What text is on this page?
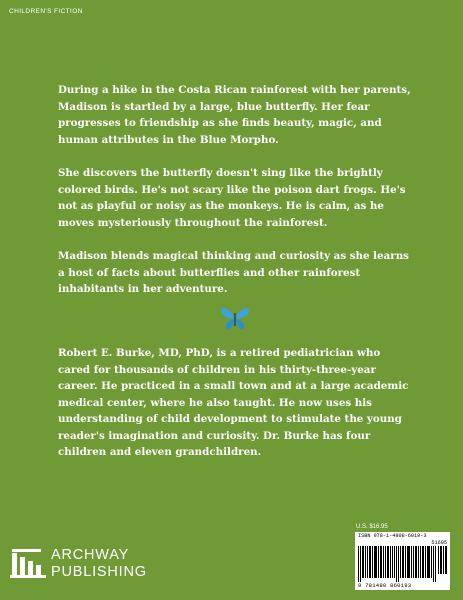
CHILDREN'S FICTION

During a hike in the Costa Rican rainforest with her parents, Madison is startled by a large, blue butterfly. Her fear progresses to friendship as she finds beauty, magic, and human attributes in the Blue Morpho.

She discovers the butterfly doesn't sing like the brightly colored birds. He's not scary like the poison dart frogs. He's not as playful or noisy as the monkeys. He is calm, as he moves mysteriously throughout the rainforest.

Madison blends magical thinking and curiosity as she learns a host of facts about butterflies and other rainforest inhabitants in her adventure.

Robert E. Burke, MD, PhD, is a retired pediatrician who cared for thousands of children in his thirty-three-year career. He practiced in a small town and at a large academic medical center, where he also taught. He now uses his understanding of child development to stimulate the young reader's imagination and curiosity. Dr. Burke has four children and eleven grandchildren.

U.S. $16.95
ISBN 978-1-4808-6019-3
51695
9 781480 860193
ARCHWAY
PUBLISHING
